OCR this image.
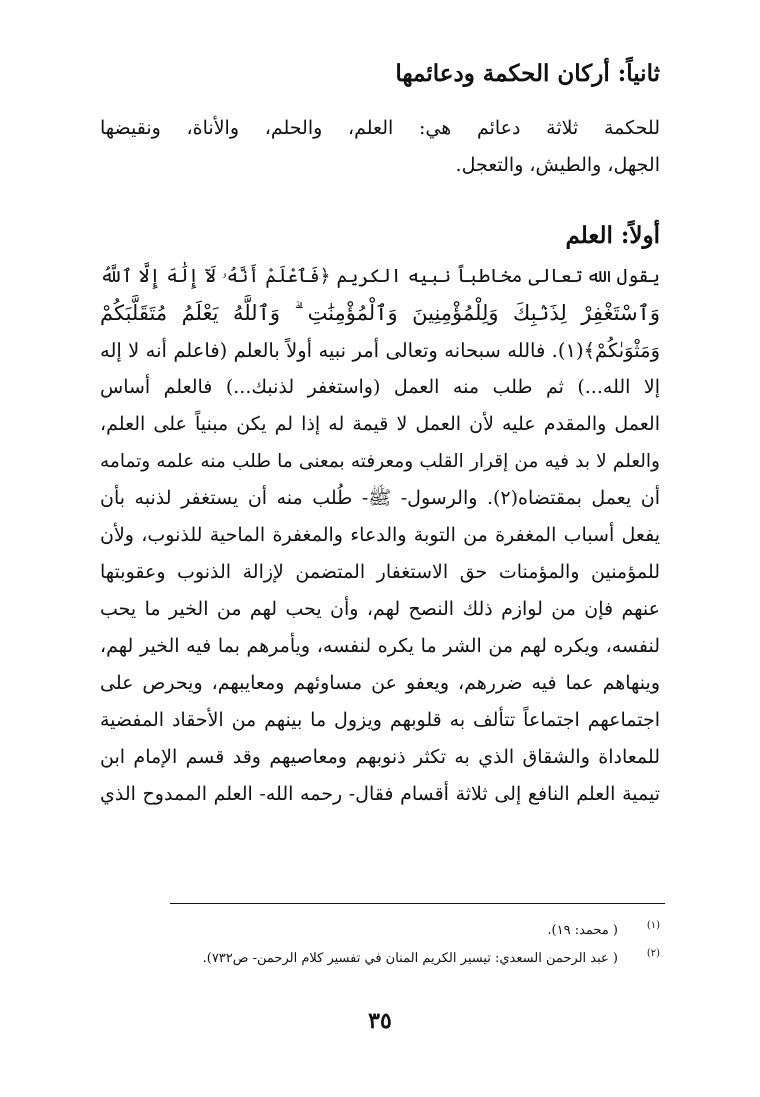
ثانياً: أركان الحكمة ودعائمها
للحكمة ثلاثة دعائم هي: العلم، والحلم، والأناة، ونقيضها
الجهل، والطيش، والتعجل.
أولاً: العلم
يقول الله تعالى مخاطباً نبيه الكريم ﴿فَٱعْلَمْ أَنَّهُۥ لَآ إِلَٰهَ إِلَّا ٱللَّهُ
وَٱسْتَغْفِرْ لِذَنۢبِكَ وَلِلْمُؤْمِنِينَ وَٱلْمُؤْمِنَٰتِ ۗ وَٱللَّهُ يَعْلَمُ مُتَقَلَّبَكُمْ
وَمَثْوَىٰكُمْ﴾(١). فالله سبحانه وتعالى أمر نبيه أولاً بالعلم (فاعلم أنه لا إله
إلا الله...) ثم طلب منه العمل (واستغفر لذنبك...) فالعلم أساس
العمل والمقدم عليه لأن العمل لا قيمة له إذا لم يكن مبنياً على العلم،
والعلم لا بد فيه من إقرار القلب ومعرفته بمعنى ما طلب منه علمه وتمامه
أن يعمل بمقتضاه(٢). والرسول- ﷺ- طُلب منه أن يستغفر لذنبه بأن
يفعل أسباب المغفرة من التوبة والدعاء والمغفرة الماحية للذنوب، ولأن
للمؤمنين والمؤمنات حق الاستغفار المتضمن لإزالة الذنوب وعقوبتها
عنهم فإن من لوازم ذلك النصح لهم، وأن يحب لهم من الخير ما يحب
لنفسه، ويكره لهم من الشر ما يكره لنفسه، ويأمرهم بما فيه الخير لهم،
وينهاهم عما فيه ضررهم، ويعفو عن مساوئهم ومعايبهم، ويحرص على
اجتماعهم اجتماعاً تتألف به قلوبهم ويزول ما بينهم من الأحقاد المفضية
للمعاداة والشقاق الذي به تكثر ذنوبهم ومعاصيهم وقد قسم الإمام ابن
تيمية العلم النافع إلى ثلاثة أقسام فقال- رحمه الله- العلم الممدوح الذي
(١)( محمد: ١٩).
(٢)( عبد الرحمن السعدي: تيسير الكريم المنان في تفسير كلام الرحمن- ص٧٣٢).
٣٥
